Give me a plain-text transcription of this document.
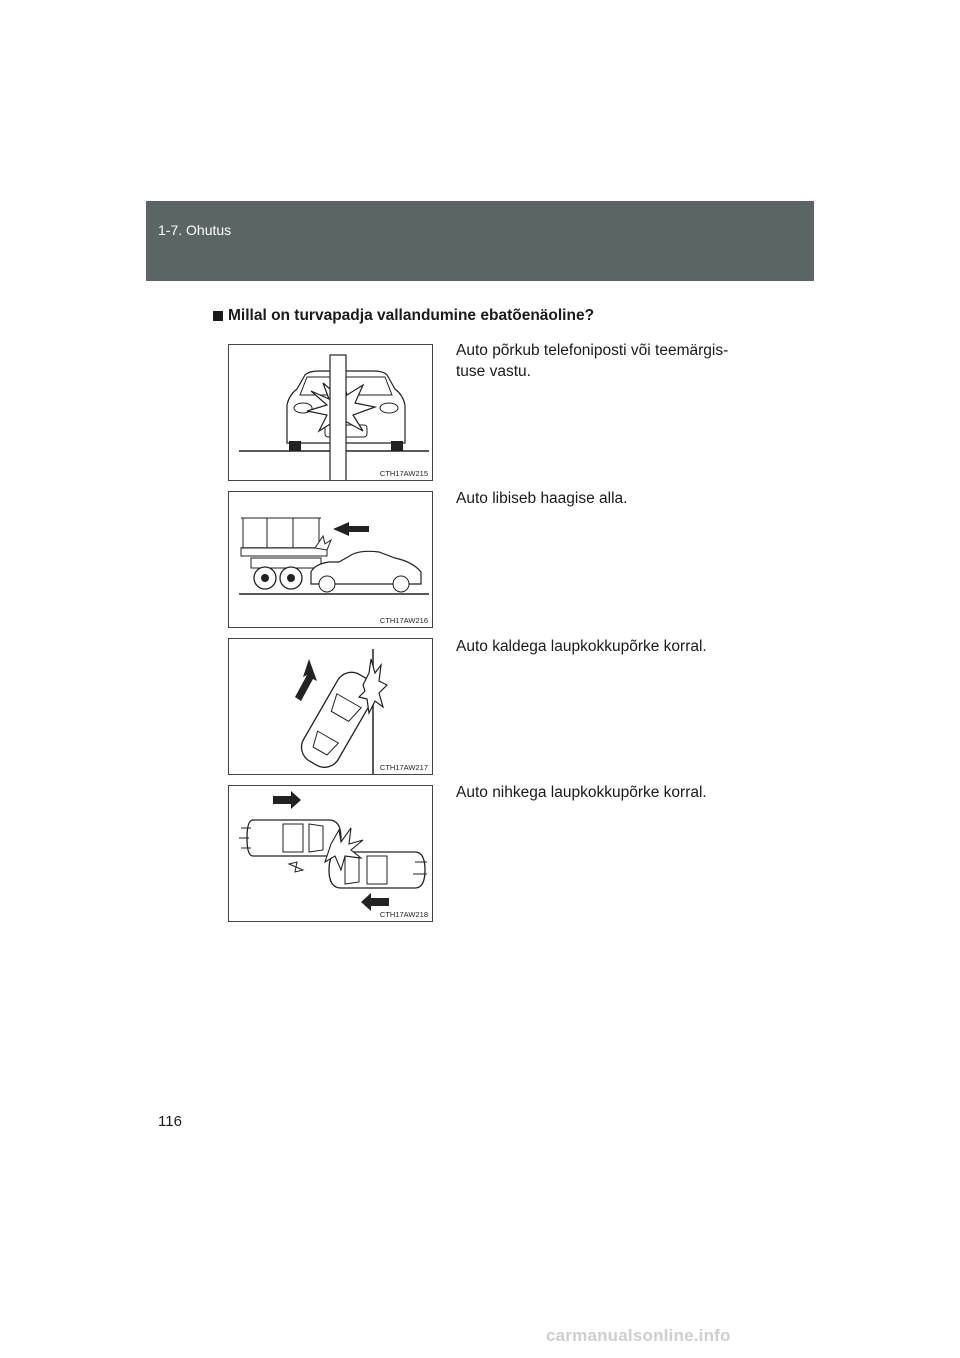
1-7. Ohutus
Millal on turvapadja vallandumine ebatõenäoline?
CTH17AW215
Auto põrkub telefoniposti või teemärgis-
tuse vastu.
CTH17AW216
Auto libiseb haagise alla.
CTH17AW217
Auto kaldega laupkokkupõrke korral.
CTH17AW218
Auto nihkega laupkokkupõrke korral.
116
carmanualsonline.info
